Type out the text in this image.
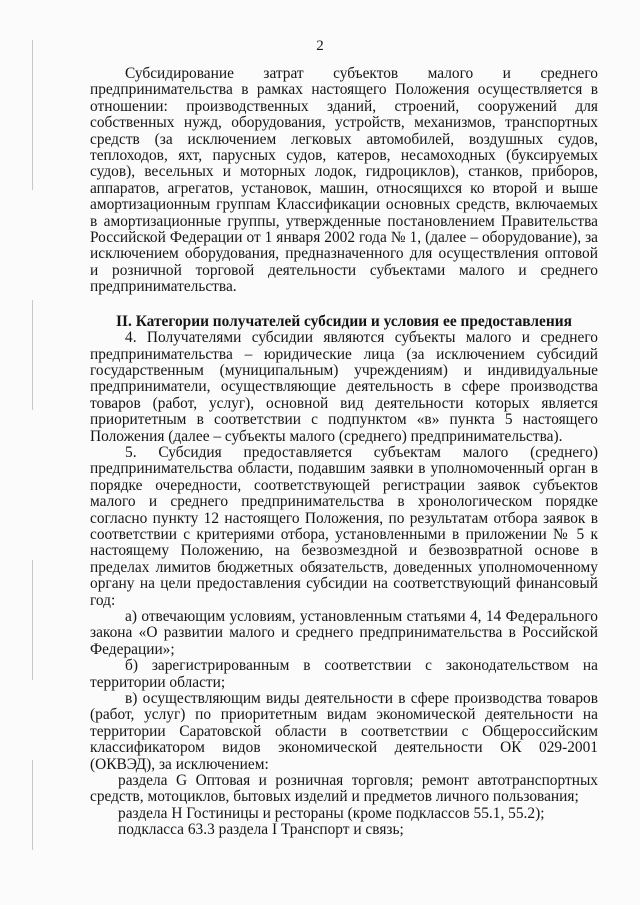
2

Субсидирование затрат субъектов малого и среднего предпринимательства в рамках настоящего Положения осуществляется в отношении: производственных зданий, строений, сооружений для собственных нужд, оборудования, устройств, механизмов, транспортных средств (за исключением легковых автомобилей, воздушных судов, теплоходов, яхт, парусных судов, катеров, несамоходных (буксируемых судов), весельных и моторных лодок, гидроциклов), станков, приборов, аппаратов, агрегатов, установок, машин, относящихся ко второй и выше амортизационным группам Классификации основных средств, включаемых в амортизационные группы, утвержденные постановлением Правительства Российской Федерации от 1 января 2002 года № 1, (далее – оборудование), за исключением оборудования, предназначенного для осуществления оптовой и розничной торговой деятельности субъектами малого и среднего предпринимательства.

II. Категории получателей субсидии и условия ее предоставления

4. Получателями субсидии являются субъекты малого и среднего предпринимательства – юридические лица (за исключением субсидий государственным (муниципальным) учреждениям) и индивидуальные предприниматели, осуществляющие деятельность в сфере производства товаров (работ, услуг), основной вид деятельности которых является приоритетным в соответствии с подпунктом «в» пункта 5 настоящего Положения (далее – субъекты малого (среднего) предпринимательства).

5. Субсидия предоставляется субъектам малого (среднего) предпринимательства области, подавшим заявки в уполномоченный орган в порядке очередности, соответствующей регистрации заявок субъектов малого и среднего предпринимательства в хронологическом порядке согласно пункту 12 настоящего Положения, по результатам отбора заявок в соответствии с критериями отбора, установленными в приложении № 5 к настоящему Положению, на безвозмездной и безвозвратной основе в пределах лимитов бюджетных обязательств, доведенных уполномоченному органу на цели предоставления субсидии на соответствующий финансовый год:

а) отвечающим условиям, установленным статьями 4, 14 Федерального закона «О развитии малого и среднего предпринимательства в Российской Федерации»;

б) зарегистрированным в соответствии с законодательством на территории области;

в) осуществляющим виды деятельности в сфере производства товаров (работ, услуг) по приоритетным видам экономической деятельности на территории Саратовской области в соответствии с Общероссийским классификатором видов экономической деятельности ОК 029-2001 (ОКВЭД), за исключением:

раздела G Оптовая и розничная торговля; ремонт автотранспортных средств, мотоциклов, бытовых изделий и предметов личного пользования;

раздела H Гостиницы и рестораны (кроме подклассов 55.1, 55.2);

подкласса 63.3 раздела I Транспорт и связь;
